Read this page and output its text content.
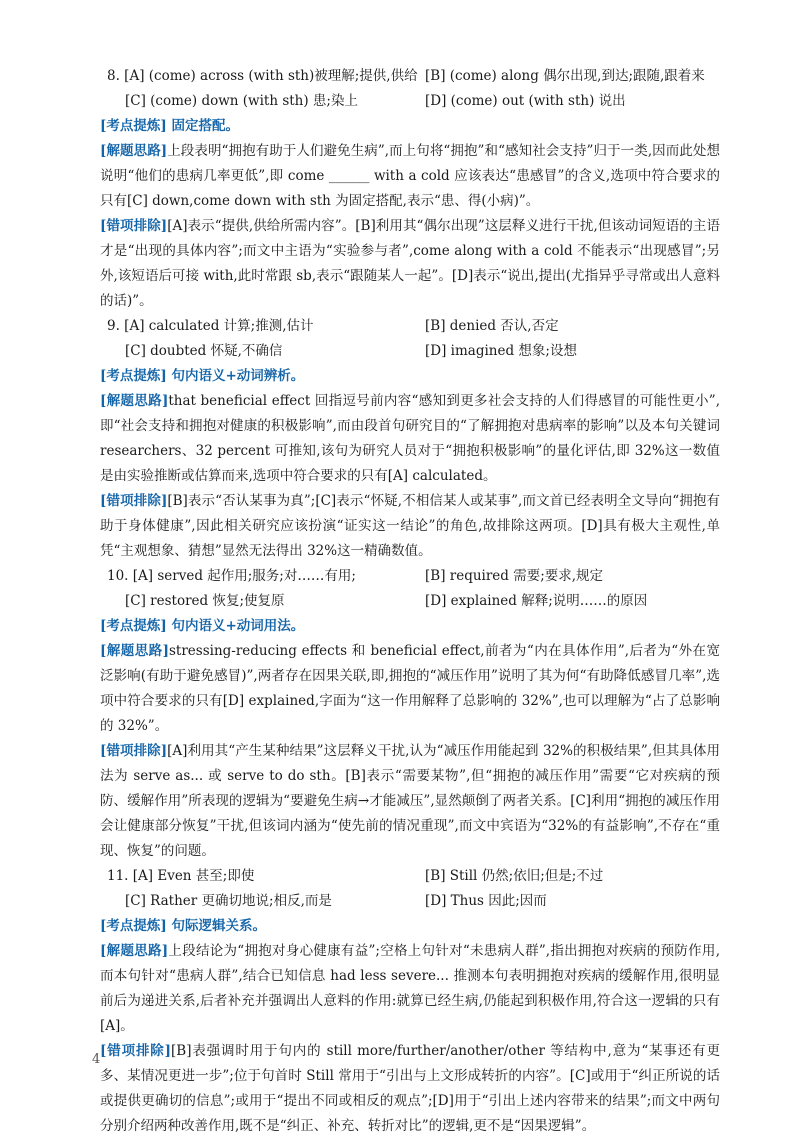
8. [A] (come) across (with sth)被理解;提供,供给 [B] (come) along 偶尔出现,到达;跟随,跟着来
[C] (come) down (with sth) 患;染上	[D] (come) out (with sth) 说出
[考点提炼] 固定搭配。
[解题思路]上段表明“拥抱有助于人们避免生病”,而上句将“拥抱”和“感知社会支持”归于一类,因而此处想说明“他们的患病几率更低”,即 come ______ with a cold 应该表达“患感冒”的含义,选项中符合要求的只有[C] down,come down with sth 为固定搭配,表示“患、得(小病)”。
[错项排除][A]表示“提供,供给所需内容”。[B]利用其“偶尔出现”这层释义进行干扰,但该动词短语的主语才是“出现的具体内容”;而文中主语为“实验参与者”,come along with a cold 不能表示“出现感冒”;另外,该短语后可接 with,此时常跟 sb,表示“跟随某人一起”。[D]表示“说出,提出(尤指异乎寻常或出人意料的话)”。
9. [A] calculated 计算;推测,估计	[B] denied 否认,否定
[C] doubted 怀疑,不确信	[D] imagined 想象;设想
[考点提炼] 句内语义+动词辨析。
[解题思路]that beneficial effect 回指逗号前内容“感知到更多社会支持的人们得感冒的可能性更小”,即“社会支持和拥抱对健康的积极影响”,而由段首句研究目的“了解拥抱对患病率的影响”以及本句关键词 researchers、32 percent 可推知,该句为研究人员对于“拥抱积极影响”的量化评估,即 32%这一数值是由实验推断或估算而来,选项中符合要求的只有[A] calculated。
[错项排除][B]表示“否认某事为真”;[C]表示“怀疑,不相信某人或某事”,而文首已经表明全文导向“拥抱有助于身体健康”,因此相关研究应该扮演“证实这一结论”的角色,故排除这两项。[D]具有极大主观性,单凭“主观想象、猜想”显然无法得出 32%这一精确数值。
10. [A] served 起作用;服务;对……有用;	[B] required 需要;要求,规定
[C] restored 恢复;使复原	[D] explained 解释;说明……的原因
[考点提炼] 句内语义+动词用法。
[解题思路]stressing-reducing effects 和 beneficial effect,前者为“内在具体作用”,后者为“外在宽泛影响(有助于避免感冒)”,两者存在因果关联,即,拥抱的“减压作用”说明了其为何“有助降低感冒几率”,选项中符合要求的只有[D] explained,字面为“这一作用解释了总影响的 32%”,也可以理解为“占了总影响的 32%”。
[错项排除][A]利用其“产生某种结果”这层释义干扰,认为“减压作用能起到 32%的积极结果”,但其具体用法为 serve as... 或 serve to do sth。[B]表示“需要某物”,但“拥抱的减压作用”需要“它对疾病的预防、缓解作用”所表现的逻辑为“要避免生病→才能减压”,显然颠倒了两者关系。[C]利用“拥抱的减压作用会让健康部分恢复”干扰,但该词内涵为“使先前的情况重现”,而文中宾语为“32%的有益影响”,不存在“重现、恢复”的问题。
11. [A] Even 甚至;即使	[B] Still 仍然;依旧;但是;不过
[C] Rather 更确切地说;相反,而是	[D] Thus 因此;因而
[考点提炼] 句际逻辑关系。
[解题思路]上段结论为“拥抱对身心健康有益”;空格上句针对“未患病人群”,指出拥抱对疾病的预防作用,而本句针对“患病人群”,结合已知信息 had less severe... 推测本句表明拥抱对疾病的缓解作用,很明显前后为递进关系,后者补充并强调出人意料的作用:就算已经生病,仍能起到积极作用,符合这一逻辑的只有[A]。
[错项排除][B]表强调时用于句内的 still more/further/another/other 等结构中,意为“某事还有更多、某情况更进一步”;位于句首时 Still 常用于“引出与上文形成转折的内容”。[C]或用于“纠正所说的话或提供更确切的信息”;或用于“提出不同或相反的观点”;[D]用于“引出上述内容带来的结果”;而文中两句分别介绍两种改善作用,既不是“纠正、补充、转折对比”的逻辑,更不是“因果逻辑”。
4
